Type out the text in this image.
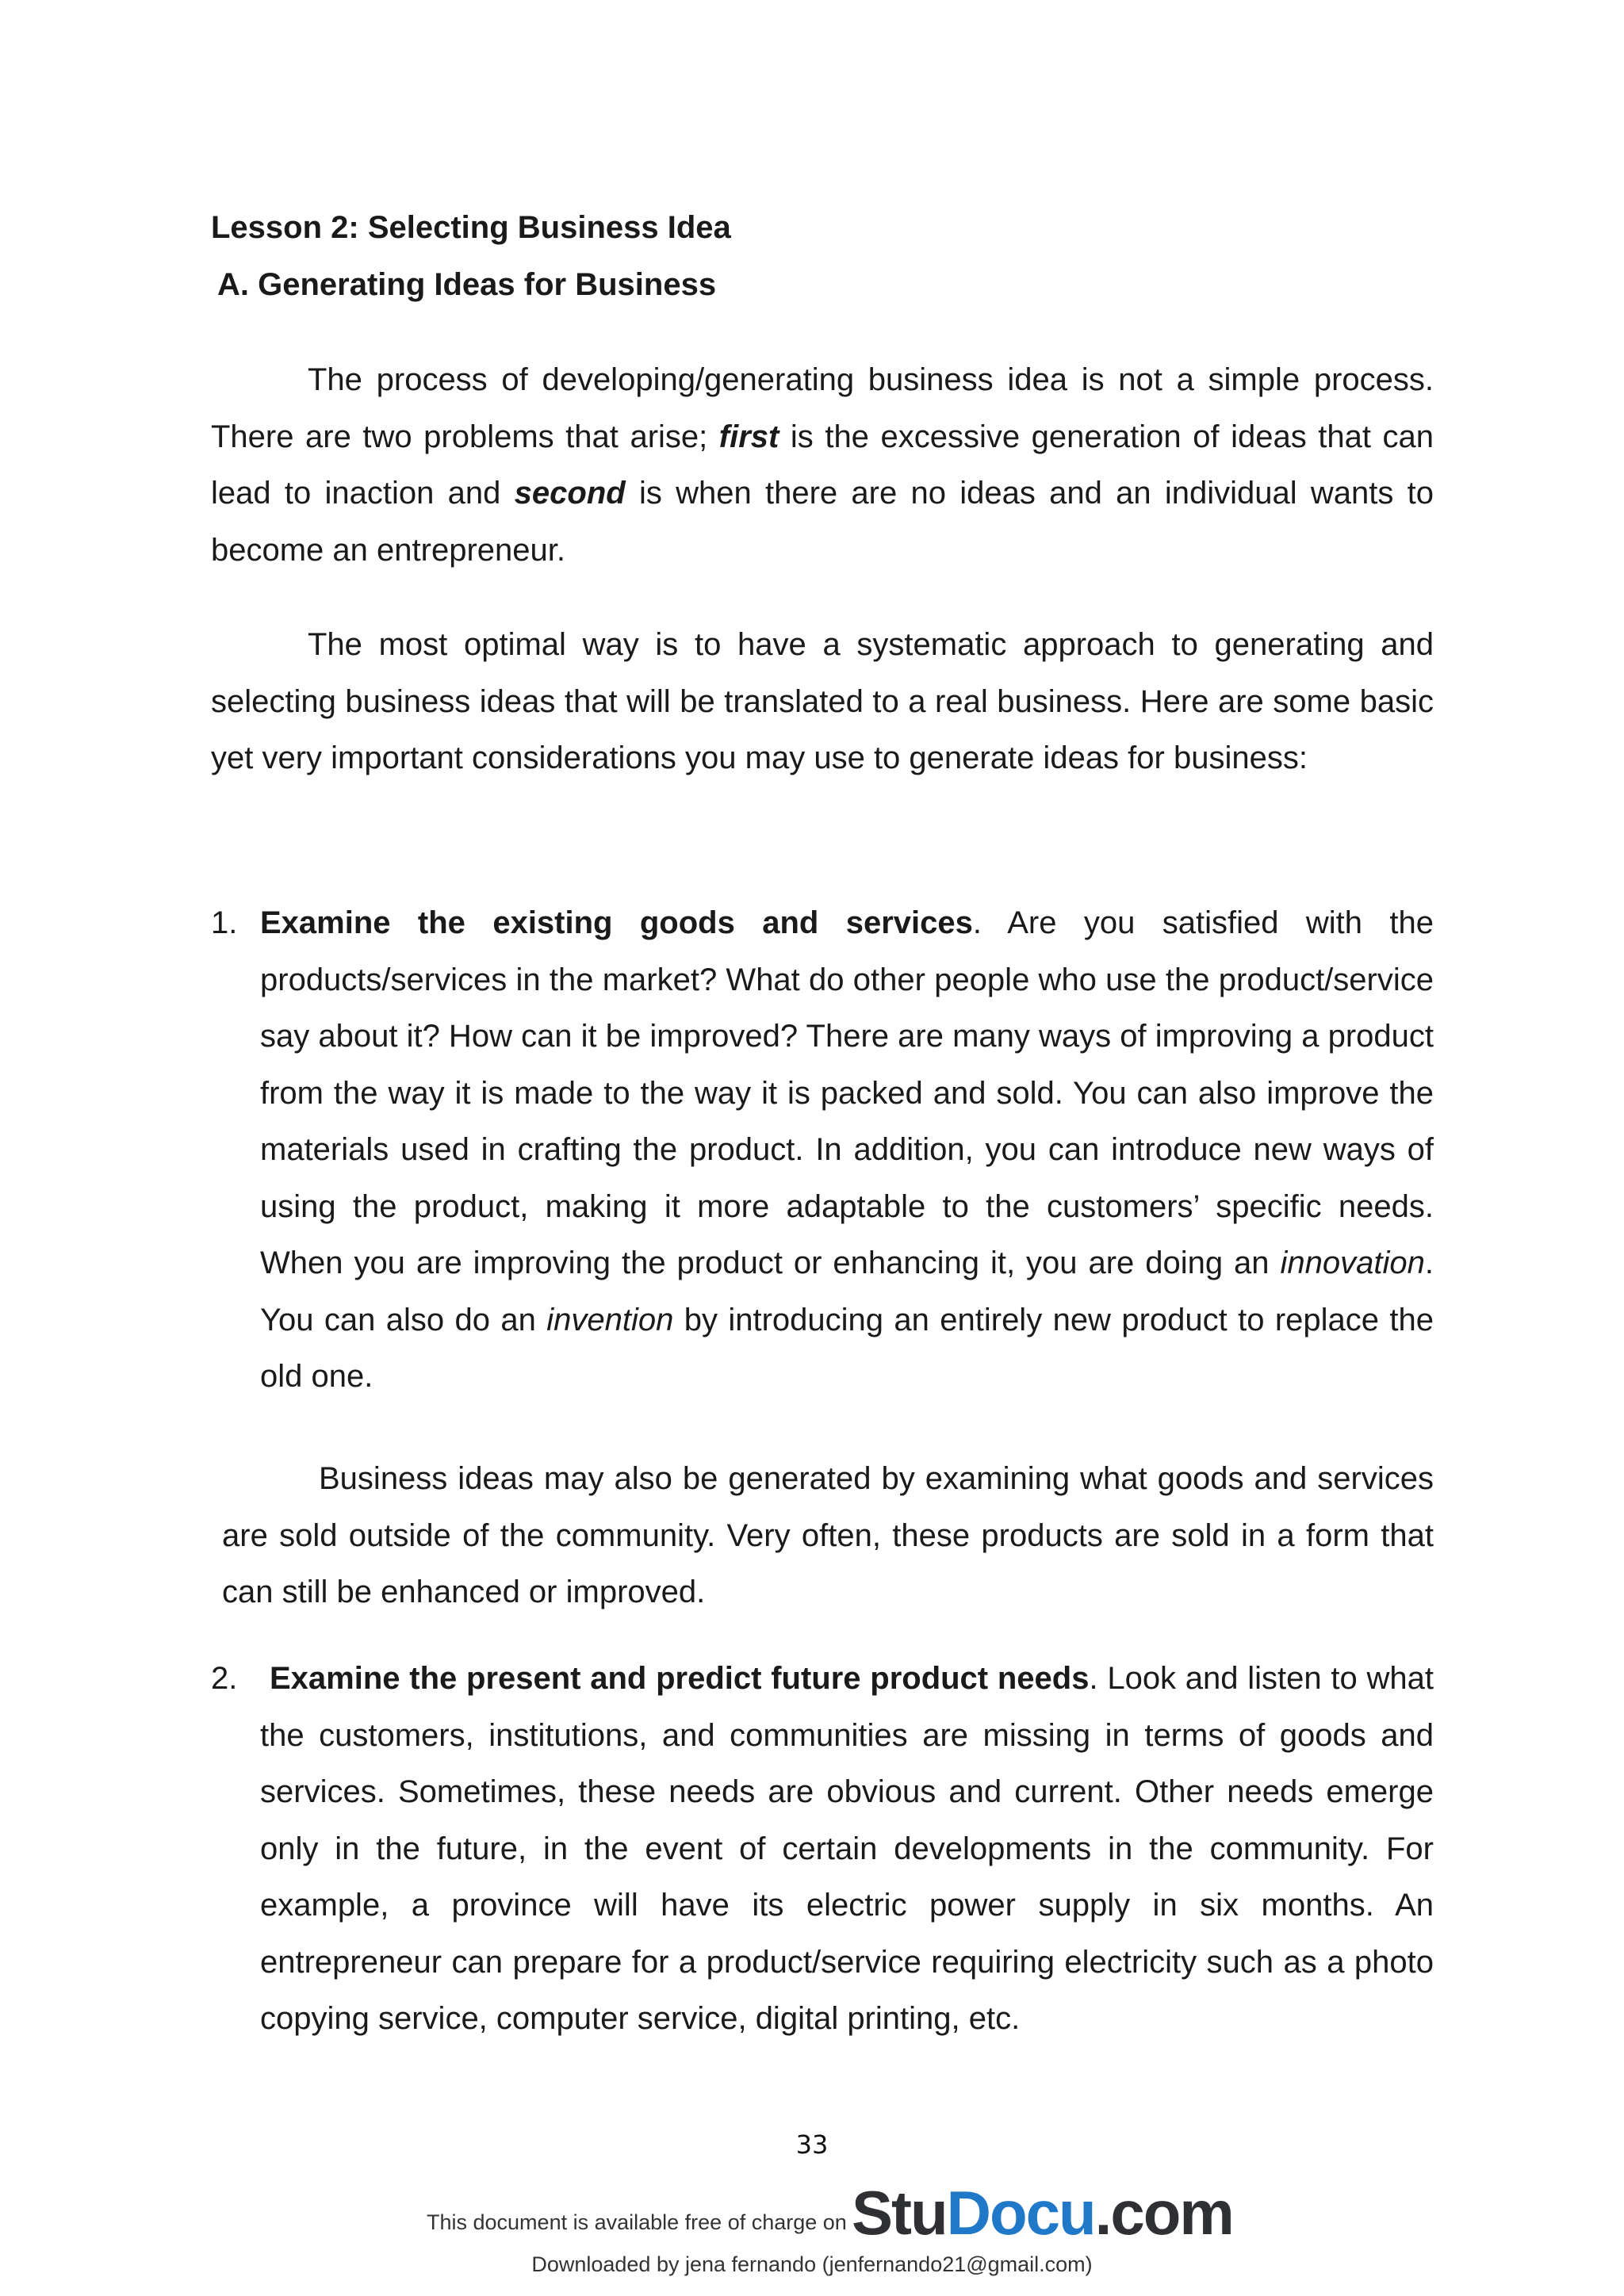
Lesson 2: Selecting Business Idea
A. Generating Ideas for Business

The process of developing/generating business idea is not a simple process. There are two problems that arise; first is the excessive generation of ideas that can lead to inaction and second is when there are no ideas and an individual wants to become an entrepreneur.

The most optimal way is to have a systematic approach to generating and selecting business ideas that will be translated to a real business. Here are some basic yet very important considerations you may use to generate ideas for business:

1. Examine the existing goods and services. Are you satisfied with the products/services in the market? What do other people who use the product/service say about it? How can it be improved? There are many ways of improving a product from the way it is made to the way it is packed and sold. You can also improve the materials used in crafting the product. In addition, you can introduce new ways of using the product, making it more adaptable to the customers’ specific needs. When you are improving the product or enhancing it, you are doing an innovation. You can also do an invention by introducing an entirely new product to replace the old one.

Business ideas may also be generated by examining what goods and services are sold outside of the community. Very often, these products are sold in a form that can still be enhanced or improved.

2.	Examine the present and predict future product needs. Look and listen to what the customers, institutions, and communities are missing in terms of goods and services. Sometimes, these needs are obvious and current. Other needs emerge only in the future, in the event of certain developments in the community. For example, a province will have its electric power supply in six months. An entrepreneur can prepare for a product/service requiring electricity such as a photo copying service, computer service, digital printing, etc.
33
This document is available free of charge on StuDocu.com
Downloaded by jena fernando (jenfernando21@gmail.com)
